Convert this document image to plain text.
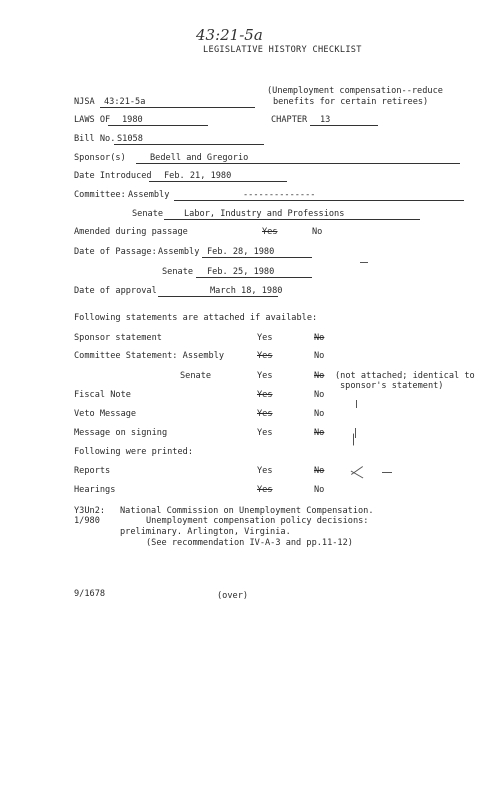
43:21-5a
LEGISLATIVE HISTORY CHECKLIST
(Unemployment compensation--reduce
benefits for certain retirees)
NJSA 43:21-5a
LAWS OF 1980	CHAPTER 13
Bill No. S1058
Sponsor(s)	Bedell and Gregorio
Date Introduced Feb. 21, 1980
Committee: Assembly	--------------
Senate Labor, Industry and Professions
Amended during passage	Yes	No
Date of Passage: Assembly Feb. 28, 1980
Senate Feb. 25, 1980
Date of approval	March 18, 1980
Following statements are attached if available:
Sponsor statement	Yes	No
Committee Statement: Assembly	Yes	No
Senate	Yes	No (not attached; identical to
sponsor's statement)
Fiscal Note	Yes	No
Veto Message	Yes	No
Message on signing	Yes	No
Following were printed:
Reports	Yes	No
Hearings	Yes	No
—
Y3Un2:
1/980
National Commission on Unemployment Compensation.
Unemployment compensation policy decisions:
preliminary. Arlington, Virginia.
(See recommendation IV-A-3 and pp.11-12)
9/1678	(over)
